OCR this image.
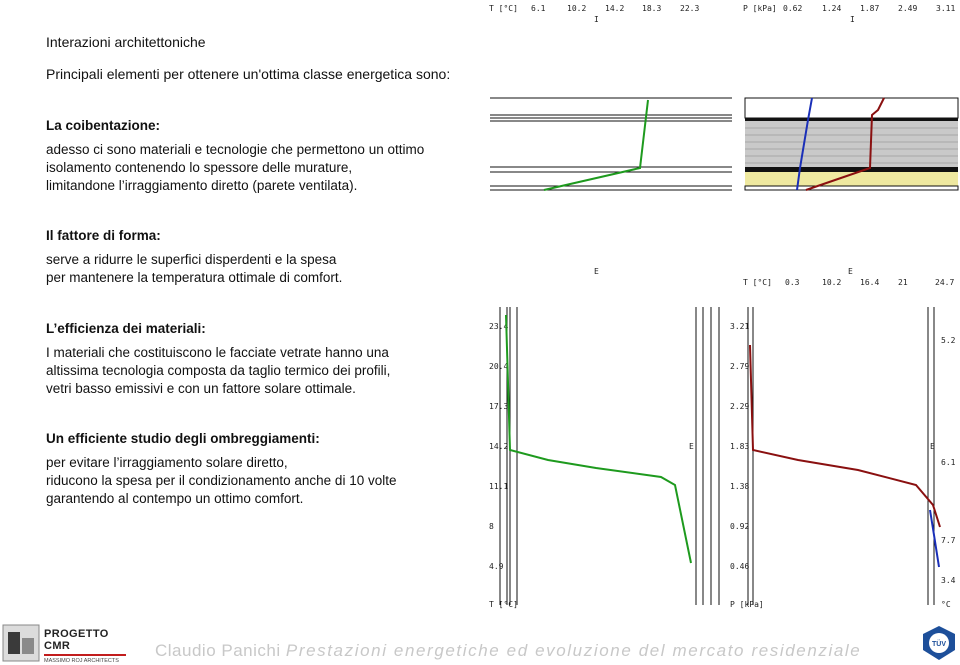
Interazioni architettoniche
Principali elementi per ottenere un'ottima classe energetica sono:
La coibentazione:
adesso ci sono materiali e tecnologie che permettono un ottimo
isolamento contenendo lo spessore delle murature,
limitandone l’irraggiamento diretto (parete ventilata).
Il fattore di forma:
serve a ridurre le superfici disperdenti e la spesa
per mantenere la temperatura ottimale di comfort.
L’efficienza dei materiali:
I materiali che costituiscono le facciate vetrate hanno una
altissima tecnologia composta da taglio termico dei profili,
vetri basso emissivi e con un fattore solare ottimale.
Un efficiente studio degli ombreggiamenti:
per evitare l’irraggiamento solare diretto,
riducono la spesa per il condizionamento anche di 10 volte
garantendo al contempo un ottimo comfort.
T [°C] 6.1	10.2 14.2 18.3 22.3
I
E
P [kPa] 0.62 1.24 1.87 2.49 3.11
I
E
T [°C] 0.3	10.2 16.4 21	24.7
23.4
20.4
17.3
14.2
11.1
8
4.9
T [°C]
E
3.21
2.79
2.29
1.83
1.38
0.92
0.46
5.2
6.1
7.7
3.4
P [kPa]	°C
E
PROGETTO CMR
MASSIMO ROJ ARCHITECTS
Claudio Panichi Prestazioni energetiche ed evoluzione del mercato residenziale	TÜV
